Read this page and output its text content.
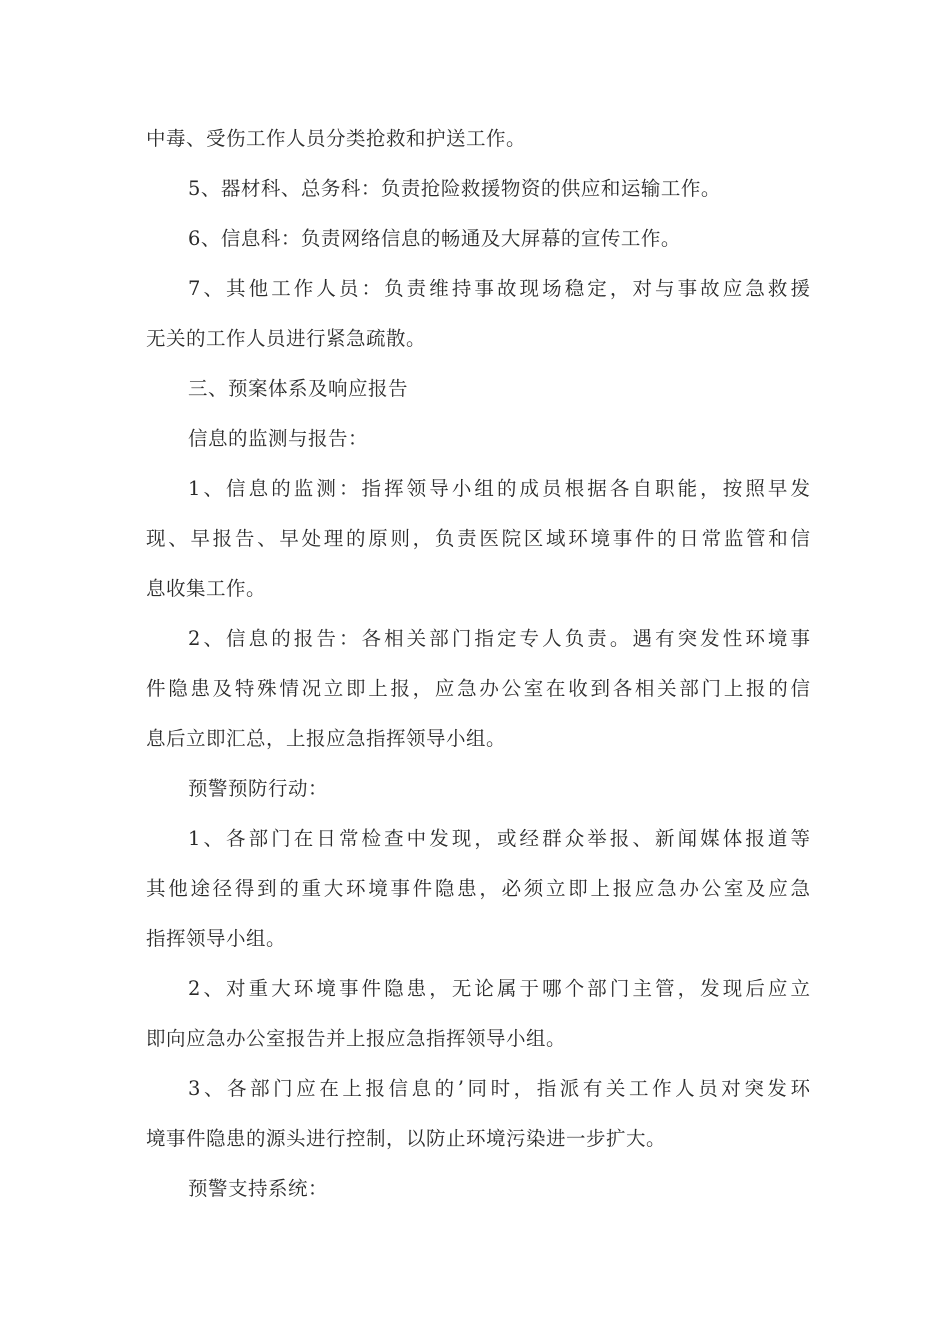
中毒、受伤工作人员分类抢救和护送工作。
5、器材科、总务科：负责抢险救援物资的供应和运输工作。
6、信息科：负责网络信息的畅通及大屏幕的宣传工作。
7、其他工作人员：负责维持事故现场稳定，对与事故应急救援
无关的工作人员进行紧急疏散。
三、预案体系及响应报告
信息的监测与报告：
1、信息的监测：指挥领导小组的成员根据各自职能，按照早发
现、早报告、早处理的原则，负责医院区域环境事件的日常监管和信
息收集工作。
2、信息的报告：各相关部门指定专人负责。遇有突发性环境事
件隐患及特殊情况立即上报，应急办公室在收到各相关部门上报的信
息后立即汇总，上报应急指挥领导小组。
预警预防行动：
1、各部门在日常检查中发现，或经群众举报、新闻媒体报道等
其他途径得到的重大环境事件隐患，必须立即上报应急办公室及应急
指挥领导小组。
2、对重大环境事件隐患，无论属于哪个部门主管，发现后应立
即向应急办公室报告并上报应急指挥领导小组。
3、各部门应在上报信息的’同时，指派有关工作人员对突发环
境事件隐患的源头进行控制，以防止环境污染进一步扩大。
预警支持系统：
